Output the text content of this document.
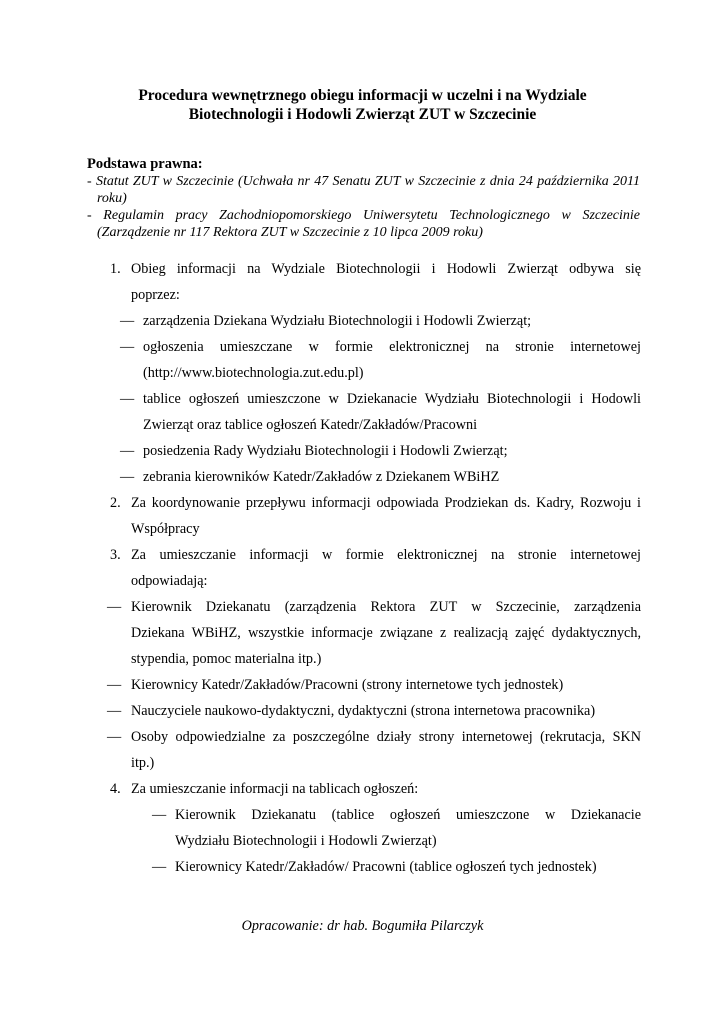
Procedura wewnętrznego obiegu informacji w uczelni i na Wydziale
Biotechnologii i Hodowli Zwierząt ZUT w Szczecinie
Podstawa prawna:
- Statut ZUT w Szczecinie (Uchwała nr 47 Senatu ZUT w Szczecinie z dnia 24 października 2011 roku)
- Regulamin pracy Zachodniopomorskiego Uniwersytetu Technologicznego w Szczecinie (Zarządzenie nr 117 Rektora ZUT w Szczecinie z 10 lipca 2009 roku)
1. Obieg informacji na Wydziale Biotechnologii i Hodowli Zwierząt odbywa się
poprzez:
— zarządzenia Dziekana Wydziału Biotechnologii i Hodowli Zwierząt;
— ogłoszenia umieszczane w formie elektronicznej na stronie internetowej
(http://www.biotechnologia.zut.edu.pl)
— tablice ogłoszeń umieszczone w Dziekanacie Wydziału Biotechnologii i Hodowli
Zwierząt oraz tablice ogłoszeń Katedr/Zakładów/Pracowni
— posiedzenia Rady Wydziału Biotechnologii i Hodowli Zwierząt;
— zebrania kierowników Katedr/Zakładów z Dziekanem WBiHZ
2. Za koordynowanie przepływu informacji odpowiada Prodziekan ds. Kadry, Rozwoju i
Współpracy
3. Za umieszczanie informacji w formie elektronicznej na stronie internetowej
odpowiadają:
— Kierownik Dziekanatu (zarządzenia Rektora ZUT w Szczecinie, zarządzenia
Dziekana WBiHZ, wszystkie informacje związane z realizacją zajęć dydaktycznych,
stypendia, pomoc materialna itp.)
— Kierownicy Katedr/Zakładów/Pracowni (strony internetowe tych jednostek)
— Nauczyciele naukowo-dydaktyczni, dydaktyczni (strona internetowa pracownika)
— Osoby odpowiedzialne za poszczególne działy strony internetowej (rekrutacja, SKN
itp.)
4. Za umieszczanie informacji na tablicach ogłoszeń:
— Kierownik Dziekanatu (tablice ogłoszeń umieszczone w Dziekanacie
Wydziału Biotechnologii i Hodowli Zwierząt)
— Kierownicy Katedr/Zakładów/ Pracowni (tablice ogłoszeń tych jednostek)
Opracowanie: dr hab. Bogumiła Pilarczyk
